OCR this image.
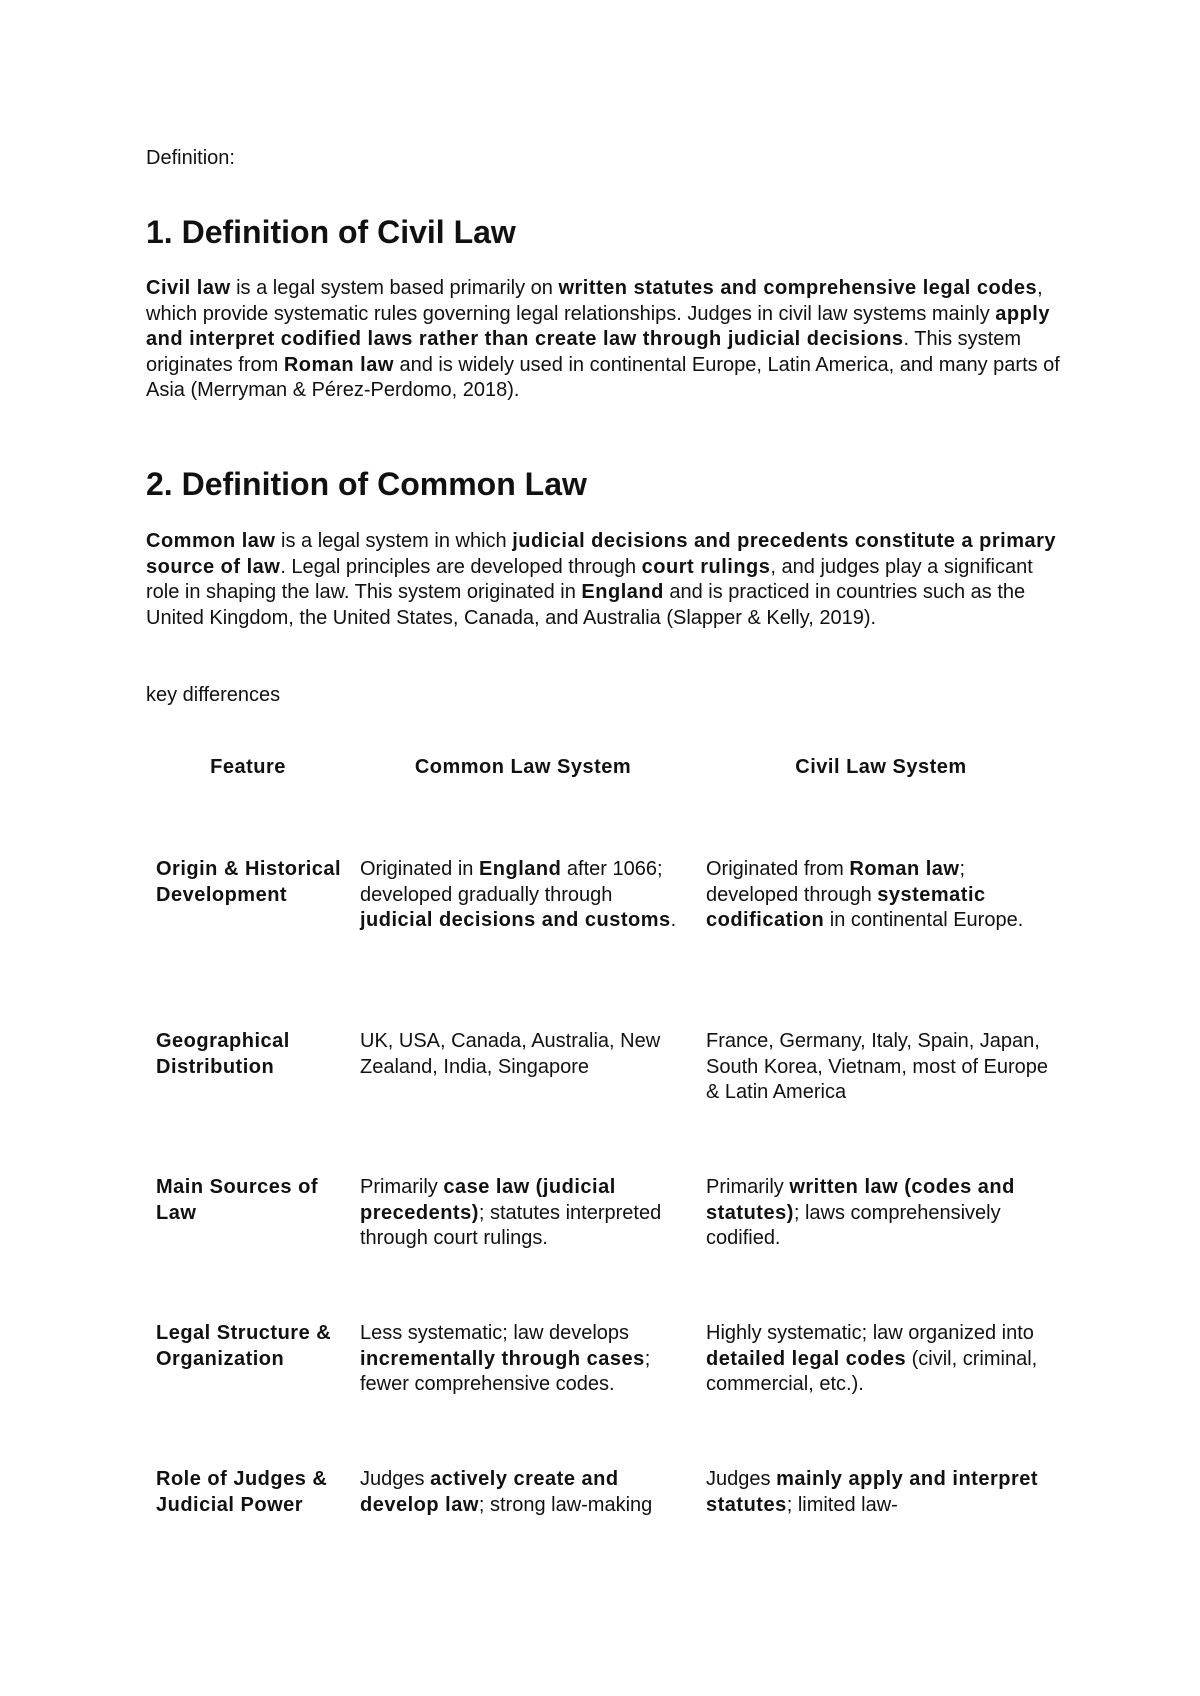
Definition:

1. Definition of Civil Law

Civil law is a legal system based primarily on written statutes and comprehensive legal codes, which provide systematic rules governing legal relationships. Judges in civil law systems mainly apply and interpret codified laws rather than create law through judicial decisions. This system originates from Roman law and is widely used in continental Europe, Latin America, and many parts of Asia (Merryman & Pérez-Perdomo, 2018).

2. Definition of Common Law

Common law is a legal system in which judicial decisions and precedents constitute a primary source of law. Legal principles are developed through court rulings, and judges play a significant role in shaping the law. This system originated in England and is practiced in countries such as the United Kingdom, the United States, Canada, and Australia (Slapper & Kelly, 2019).

key differences

Feature	Common Law System	Civil Law System

Origin & Historical Development	Originated in England after 1066; developed gradually through judicial decisions and customs.	Originated from Roman law; developed through systematic codification in continental Europe.
Geographical Distribution	UK, USA, Canada, Australia, New Zealand, India, Singapore	France, Germany, Italy, Spain, Japan, South Korea, Vietnam, most of Europe & Latin America
Main Sources of Law	Primarily case law (judicial precedents); statutes interpreted through court rulings.	Primarily written law (codes and statutes); laws comprehensively codified.
Legal Structure & Organization	Less systematic; law develops incrementally through cases; fewer comprehensive codes.	Highly systematic; law organized into detailed legal codes (civil, criminal, commercial, etc.).
Role of Judges & Judicial Power	Judges actively create and develop law; strong law-making	Judges mainly apply and interpret statutes; limited law-
